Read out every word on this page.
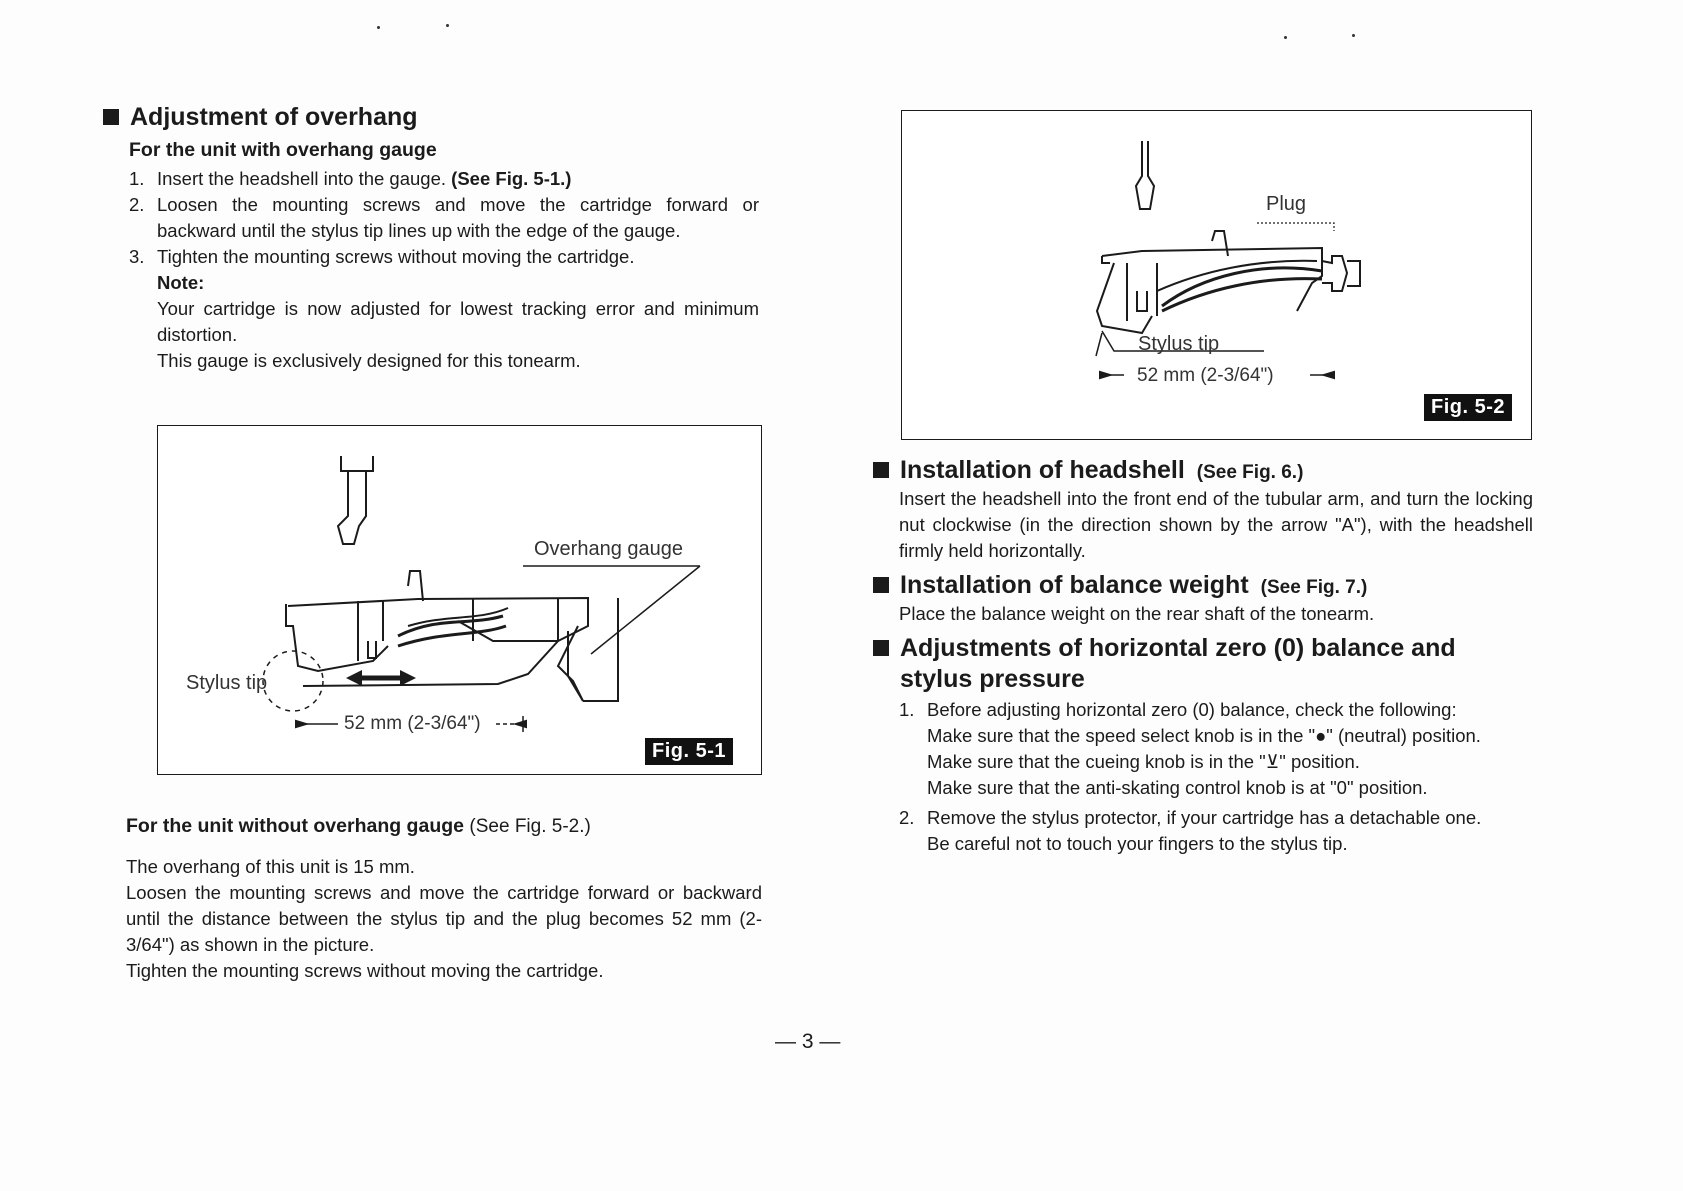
Adjustment of overhang
For the unit with overhang gauge
1. Insert the headshell into the gauge. (See Fig. 5-1.)
2. Loosen the mounting screws and move the cartridge forward or backward until the stylus tip lines up with the edge of the gauge.
3. Tighten the mounting screws without moving the cartridge.
Note:
Your cartridge is now adjusted for lowest tracking error and minimum distortion.
This gauge is exclusively designed for this tonearm.
Overhang gauge
Stylus tip
52 mm (2-3/64")
Fig. 5-1
For the unit without overhang gauge (See Fig. 5-2.)
The overhang of this unit is 15 mm.
Loosen the mounting screws and move the cartridge forward or backward until the distance between the stylus tip and the plug becomes 52 mm (2-3/64") as shown in the picture.
Tighten the mounting screws without moving the cartridge.
Plug
Stylus tip
52 mm (2-3/64")
Fig. 5-2
Installation of headshell (See Fig. 6.)
Insert the headshell into the front end of the tubular arm, and turn the locking nut clockwise (in the direction shown by the arrow "A"), with the headshell firmly held horizontally.
Installation of balance weight (See Fig. 7.)
Place the balance weight on the rear shaft of the tonearm.
Adjustments of horizontal zero (0) balance and stylus pressure
1. Before adjusting horizontal zero (0) balance, check the following:
Make sure that the speed select knob is in the "●" (neutral) position.
Make sure that the cueing knob is in the "⊻" position.
Make sure that the anti-skating control knob is at "0" position.
2. Remove the stylus protector, if your cartridge has a detachable one.
Be careful not to touch your fingers to the stylus tip.
— 3 —
